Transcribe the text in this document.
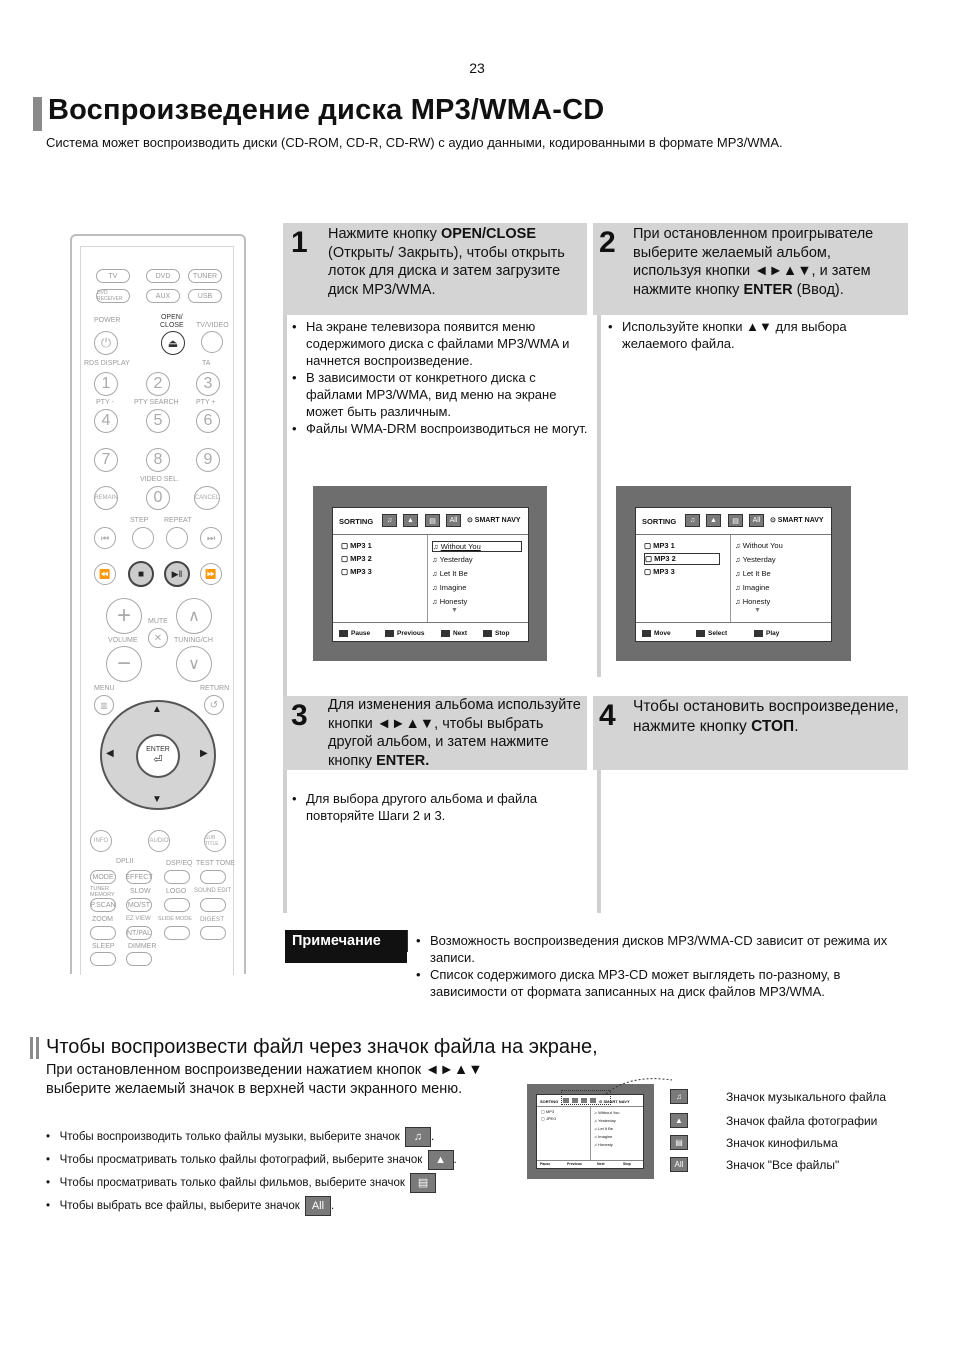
23
Воспроизведение диска MP3/WMA-CD
Система может воспроизводить диски (CD-ROM, CD-R, CD-RW) с аудио данными, кодированными в формате MP3/WMA.
TV	DVD	TUNER
DVD RECEIVER	AUX	USB
POWER	OPEN/
CLOSE TV/VIDEO
⏻	⏏
RDS DISPLAY	TA
1	2	3
PTY -	PTY SEARCH PTY +
4	5	6
7	8	9
VIDEO SEL.
REMAIN	0	CANCEL
STEP REPEAT
⏮	⏭
⏪	■	▶‖	⏩
+	∧
MUTE
✕
VOLUME	TUNING/CH
−	∨
MENU	RETURN
▥	↺
▲
▼
◀	▶
ENTER
⏎
INFO	AUDIO	SUB TITLE
DPLII	DSP/EQ TEST TONE
MODE	EFFECT
TUNER MEMORY	SLOW LOGO SOUND EDIT
P.SCAN MO/ST
ZOOM EZ VIEW SLIDE MODE DIGEST
NT/PAL
SLEEP DIMMER
1 Нажмите кнопку OPEN/CLOSE (Открыть/ Закрыть), чтобы открыть лоток для диска и затем загрузите диск MP3/WMA.
• На экране телевизора появится меню содержимого диска с файлами MP3/WMA и начнется воспроизведение.
• В зависимости от конкретного диска с файлами MP3/WMA, вид меню на экране может быть различным.
• Файлы WMA-DRM воспроизводиться не могут.
2 При остановленном проигрывателе выберите желаемый альбом, используя кнопки ◄►▲▼, и затем нажмите кнопку ENTER (Ввод).
• Используйте кнопки ▲▼ для выбора желаемого файла.
SORTING	♫	▲	▤	All	⊙ SMART NAVY
▢ MP3 1
▢ MP3 2
▢ MP3 3
♫ Without You
♫ Yesterday
♫ Let It Be
♫ Imagine
♫ Honesty
▼
Pause	Previous	Next	Stop
SORTING	♫	▲	▤	All	⊙ SMART NAVY
▢ MP3 1
▢ MP3 2
▢ MP3 3
♫ Without You
♫ Yesterday
♫ Let It Be
♫ Imagine
♫ Honesty
▼
Move	Select	Play
3 Для изменения альбома используйте кнопки ◄►▲▼, чтобы выбрать другой альбом, и затем нажмите кнопку ENTER.
• Для выбора другого альбома и файла повторяйте Шаги 2 и 3.
4 Чтобы остановить воспроизведение, нажмите кнопку СТОП.
Примечание
•	Возможность воспроизведения дисков MP3/WMA-CD зависит от режима их записи.
• Список содержимого диска MP3-CD может выглядеть по-разному, в зависимости от формата записанных на диск файлов MP3/WMA.
Чтобы воспроизвести файл через значок файла на экране,
При остановленном воспроизведении нажатием кнопок ◄►▲▼ выберите желаемый значок в верхней части экранного меню.
•   Чтобы воспроизводить только файлы музыки, выберите значок ♫ .
•   Чтобы просматривать только файлы фотографий, выберите значок ▲ .
•   Чтобы просматривать только файлы фильмов, выберите значок ▤
•   Чтобы выбрать все файлы, выберите значок All .
SORTING	⊙ SMART NAVY
▢ MP3
▢ JPEG
♫ Without You
♫ Yesterday
♫ Let It Be
♫ Imagine
♫ Honesty
Pause	Previous	Next	Stop
♫	Значок музыкального файла
▲	Значок файла фотографии
▤	Значок кинофильма
All	Значок "Все файлы"
